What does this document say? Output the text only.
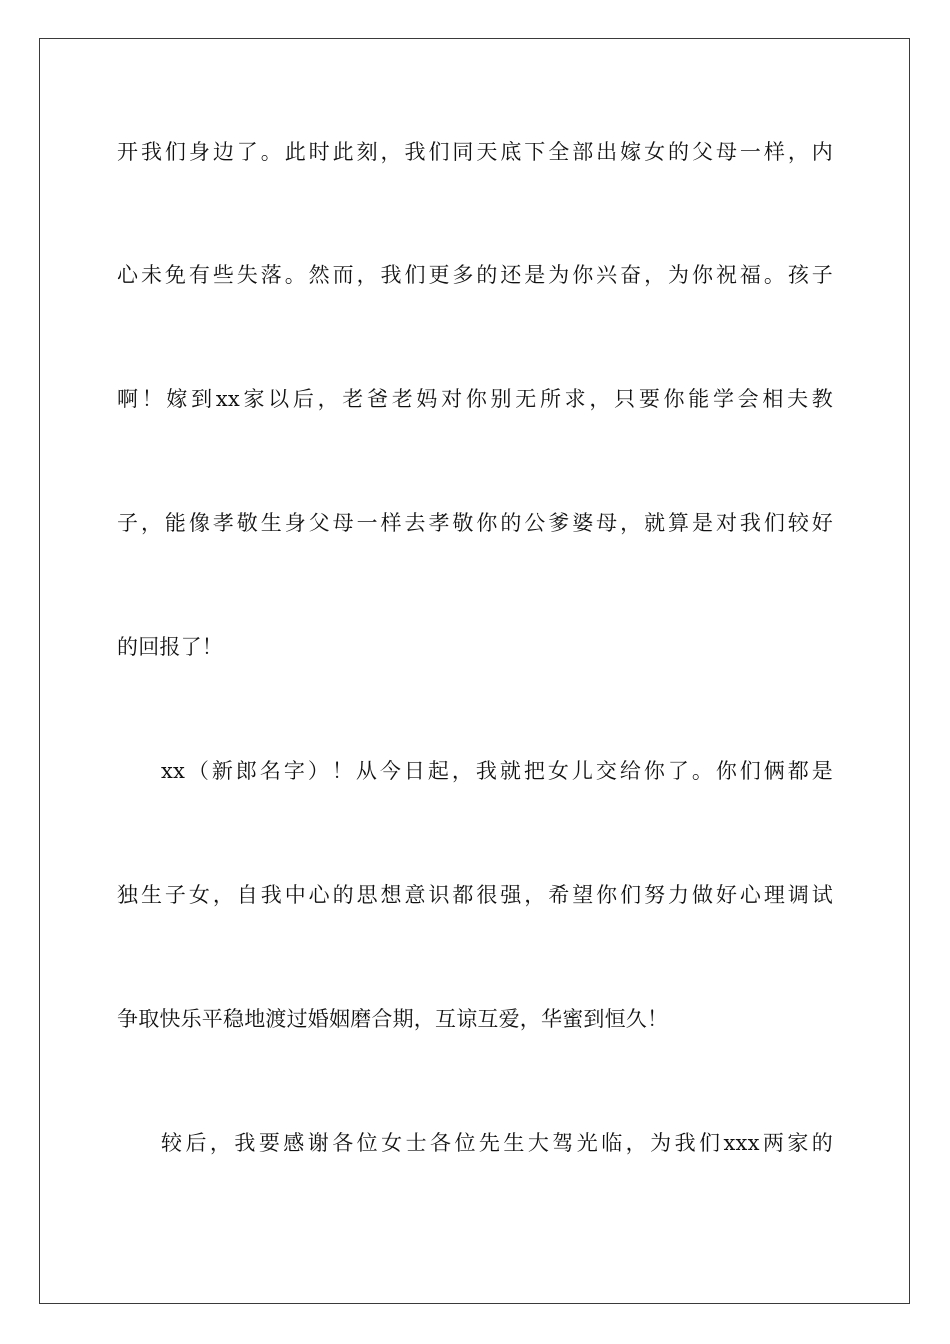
开我们身边了。此时此刻，我们同天底下全部出嫁女的父母一样，内
心未免有些失落。然而，我们更多的还是为你兴奋，为你祝福。孩子
啊！嫁到xx家以后，老爸老妈对你别无所求，只要你能学会相夫教
子，能像孝敬生身父母一样去孝敬你的公爹婆母，就算是对我们较好
的回报了！
xx（新郎名字）！从今日起，我就把女儿交给你了。你们俩都是
独生子女，自我中心的思想意识都很强，希望你们努力做好心理调试
争取快乐平稳地渡过婚姻磨合期，互谅互爱，华蜜到恒久！
较后，我要感谢各位女士各位先生大驾光临，为我们xxx两家的
